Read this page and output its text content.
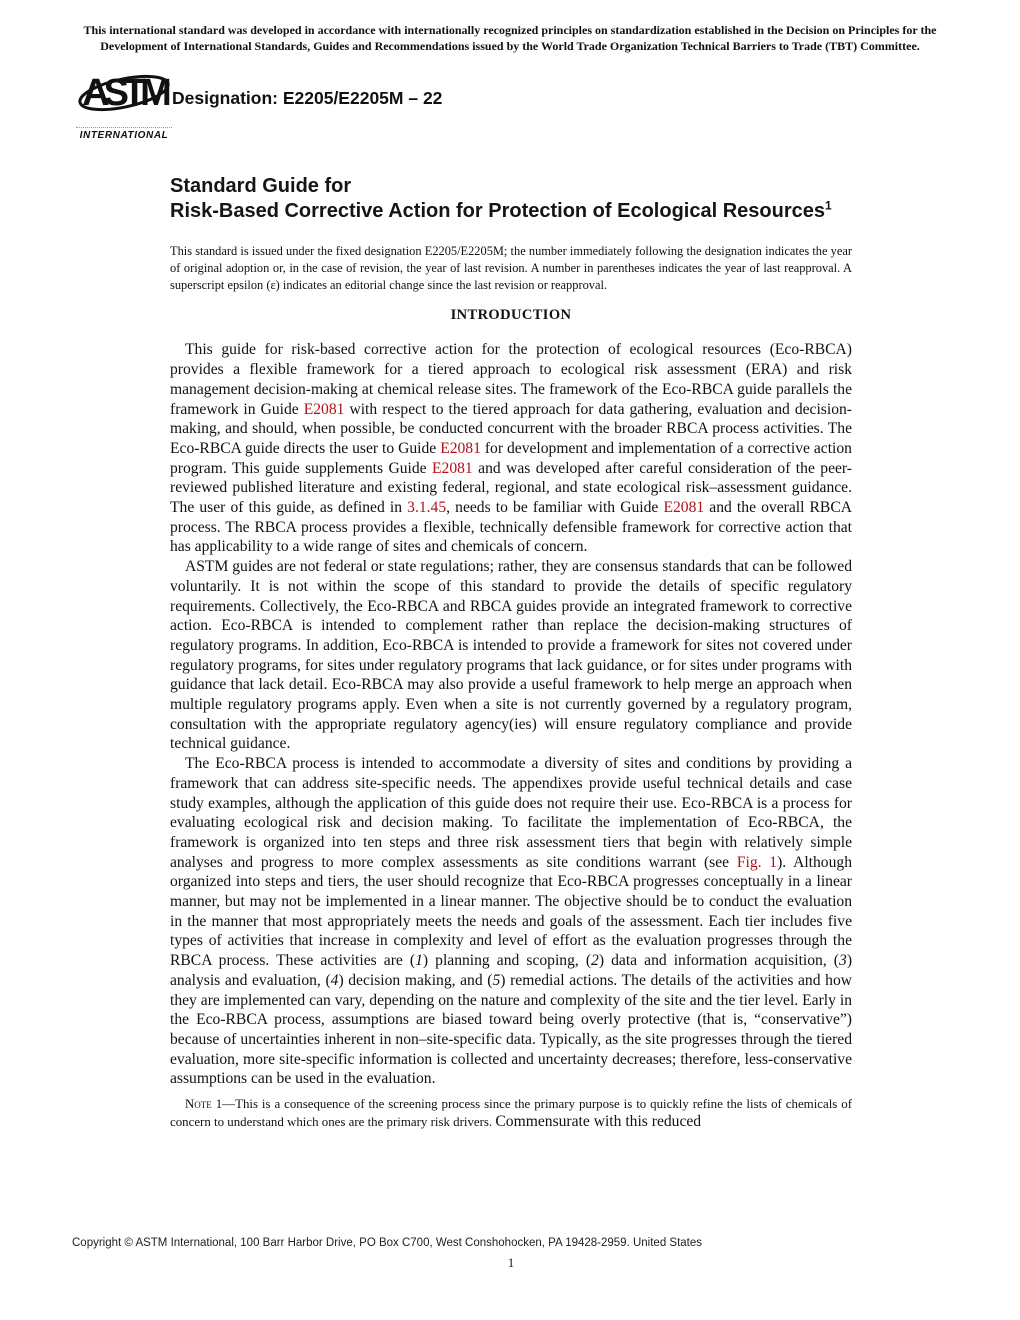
This international standard was developed in accordance with internationally recognized principles on standardization established in the Decision on Principles for the Development of International Standards, Guides and Recommendations issued by the World Trade Organization Technical Barriers to Trade (TBT) Committee.
ASTM
INTERNATIONAL
Designation: E2205/E2205M – 22
Standard Guide for
Risk-Based Corrective Action for Protection of Ecological Resources$^1$
This standard is issued under the fixed designation E2205/E2205M; the number immediately following the designation indicates the year of original adoption or, in the case of revision, the year of last revision. A number in parentheses indicates the year of last reapproval. A superscript epsilon (ε) indicates an editorial change since the last revision or reapproval.
INTRODUCTION

This guide for risk-based corrective action for the protection of ecological resources (Eco-RBCA) provides a flexible framework for a tiered approach to ecological risk assessment (ERA) and risk management decision-making at chemical release sites. The framework of the Eco-RBCA guide parallels the framework in Guide E2081 with respect to the tiered approach for data gathering, evaluation and decision-making, and should, when possible, be conducted concurrent with the broader RBCA process activities. The Eco-RBCA guide directs the user to Guide E2081 for development and implementation of a corrective action program. This guide supplements Guide E2081 and was developed after careful consideration of the peer-reviewed published literature and existing federal, regional, and state ecological risk–assessment guidance. The user of this guide, as defined in 3.1.45, needs to be familiar with Guide E2081 and the overall RBCA process. The RBCA process provides a flexible, technically defensible framework for corrective action that has applicability to a wide range of sites and chemicals of concern.

ASTM guides are not federal or state regulations; rather, they are consensus standards that can be followed voluntarily. It is not within the scope of this standard to provide the details of specific regulatory requirements. Collectively, the Eco-RBCA and RBCA guides provide an integrated framework to corrective action. Eco-RBCA is intended to complement rather than replace the decision-making structures of regulatory programs. In addition, Eco-RBCA is intended to provide a framework for sites not covered under regulatory programs, for sites under regulatory programs that lack guidance, or for sites under programs with guidance that lack detail. Eco-RBCA may also provide a useful framework to help merge an approach when multiple regulatory programs apply. Even when a site is not currently governed by a regulatory program, consultation with the appropriate regulatory agency(ies) will ensure regulatory compliance and provide technical guidance.

The Eco-RBCA process is intended to accommodate a diversity of sites and conditions by providing a framework that can address site-specific needs. The appendixes provide useful technical details and case study examples, although the application of this guide does not require their use. Eco-RBCA is a process for evaluating ecological risk and decision making. To facilitate the implementation of Eco-RBCA, the framework is organized into ten steps and three risk assessment tiers that begin with relatively simple analyses and progress to more complex assessments as site conditions warrant (see Fig. 1). Although organized into steps and tiers, the user should recognize that Eco-RBCA progresses conceptually in a linear manner, but may not be implemented in a linear manner. The objective should be to conduct the evaluation in the manner that most appropriately meets the needs and goals of the assessment. Each tier includes five types of activities that increase in complexity and level of effort as the evaluation progresses through the RBCA process. These activities are (1) planning and scoping, (2) data and information acquisition, (3) analysis and evaluation, (4) decision making, and (5) remedial actions. The details of the activities and how they are implemented can vary, depending on the nature and complexity of the site and the tier level. Early in the Eco-RBCA process, assumptions are biased toward being overly protective (that is, “conservative”) because of uncertainties inherent in non–site-specific data. Typically, as the site progresses through the tiered evaluation, more site-specific information is collected and uncertainty decreases; therefore, less-conservative assumptions can be used in the evaluation.

Note 1—This is a consequence of the screening process since the primary purpose is to quickly refine the lists of chemicals of concern to understand which ones are the primary risk drivers. Commensurate with this reduced

Copyright © ASTM International, 100 Barr Harbor Drive, PO Box C700, West Conshohocken, PA 19428-2959. United States
1
